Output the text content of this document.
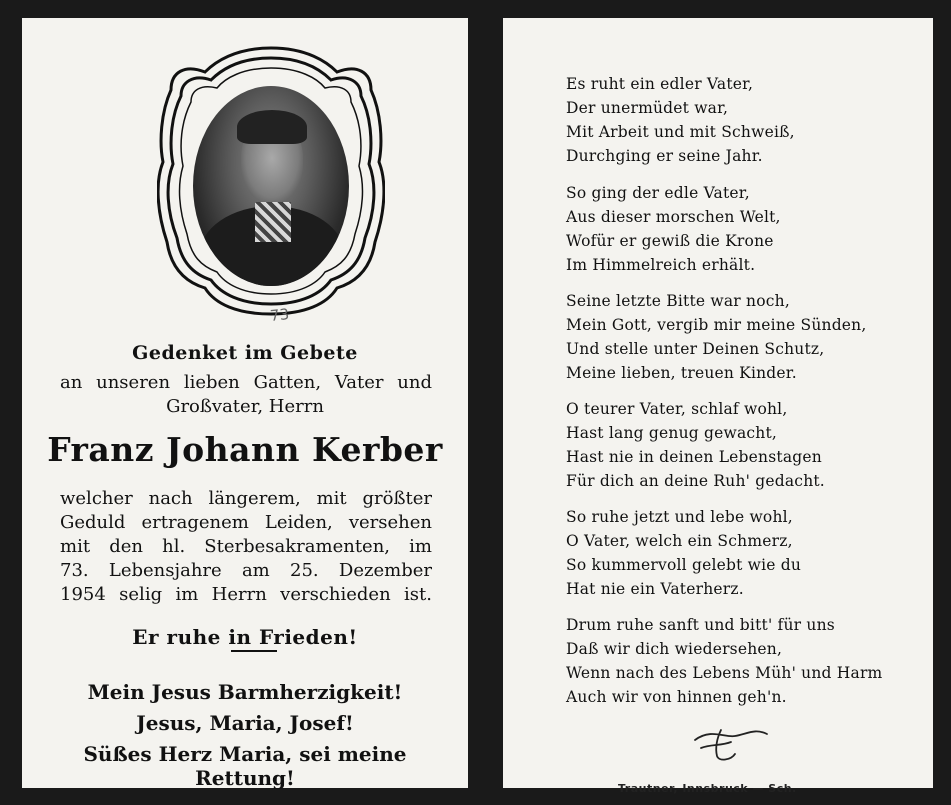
73
Gedenket im Gebete
an unseren lieben Gatten, Vater und
Großvater, Herrn
Franz Johann Kerber
welcher nach längerem, mit größter
Geduld ertragenem Leiden, versehen
mit den hl. Sterbesakramenten, im
73. Lebensjahre am 25. Dezember
1954 selig im Herrn verschieden ist.
Er ruhe in Frieden!
Mein Jesus Barmherzigkeit!
Jesus, Maria, Josef!
Süßes Herz Maria, sei meine
Rettung!
Es ruht ein edler Vater,
Der unermüdet war,
Mit Arbeit und mit Schweiß,
Durchging er seine Jahr.
So ging der edle Vater,
Aus dieser morschen Welt,
Wofür er gewiß die Krone
Im Himmelreich erhält.
Seine letzte Bitte war noch,
Mein Gott, vergib mir meine Sünden,
Und stelle unter Deinen Schutz,
Meine lieben, treuen Kinder.
O teurer Vater, schlaf wohl,
Hast lang genug gewacht,
Hast nie in deinen Lebenstagen
Für dich an deine Ruh' gedacht.
So ruhe jetzt und lebe wohl,
O Vater, welch ein Schmerz,
So kummervoll gelebt wie du
Hat nie ein Vaterherz.
Drum ruhe sanft und bitt' für uns
Daß wir dich wiedersehen,
Wenn nach des Lebens Müh' und Harm
Auch wir von hinnen geh'n.
Trautner, Innsbruck — Sch.
